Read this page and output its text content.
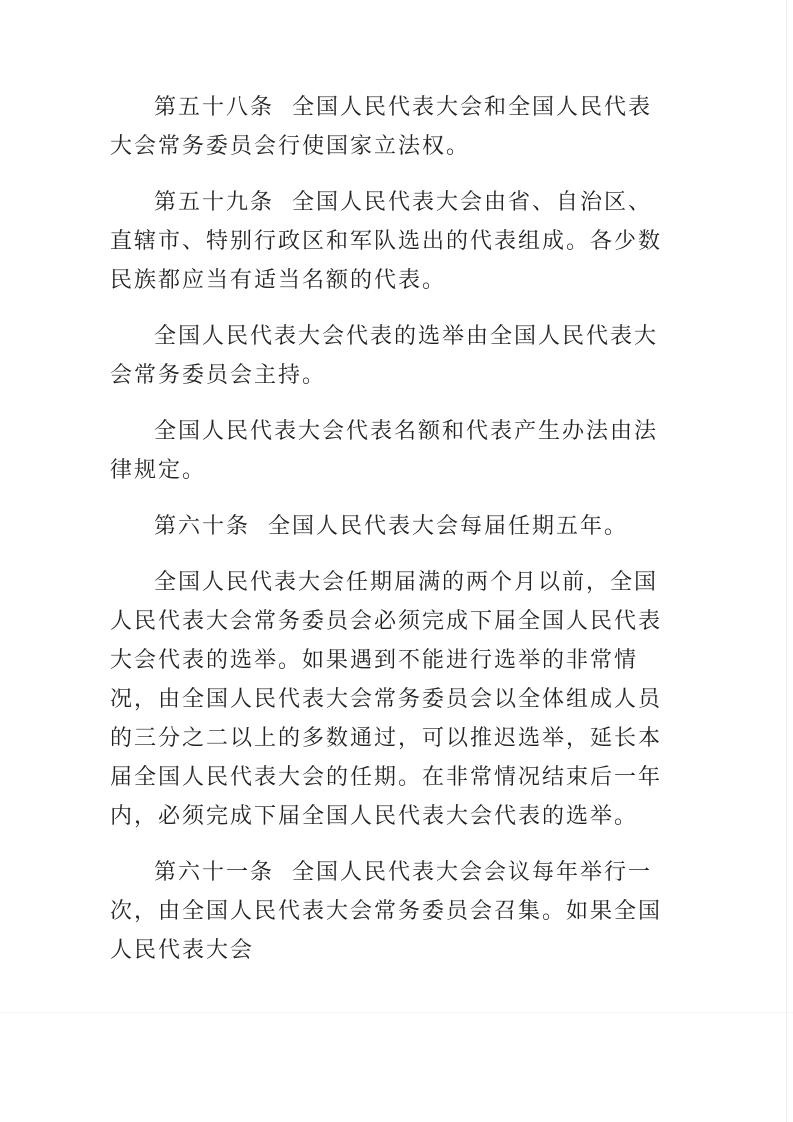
第五十八条 全国人民代表大会和全国人民代表大会常务委员会行使国家立法权。

第五十九条 全国人民代表大会由省、自治区、直辖市、特别行政区和军队选出的代表组成。各少数民族都应当有适当名额的代表。

全国人民代表大会代表的选举由全国人民代表大会常务委员会主持。

全国人民代表大会代表名额和代表产生办法由法律规定。

第六十条 全国人民代表大会每届任期五年。

全国人民代表大会任期届满的两个月以前，全国人民代表大会常务委员会必须完成下届全国人民代表大会代表的选举。如果遇到不能进行选举的非常情况，由全国人民代表大会常务委员会以全体组成人员的三分之二以上的多数通过，可以推迟选举，延长本届全国人民代表大会的任期。在非常情况结束后一年内，必须完成下届全国人民代表大会代表的选举。

第六十一条 全国人民代表大会会议每年举行一次，由全国人民代表大会常务委员会召集。如果全国人民代表大会
